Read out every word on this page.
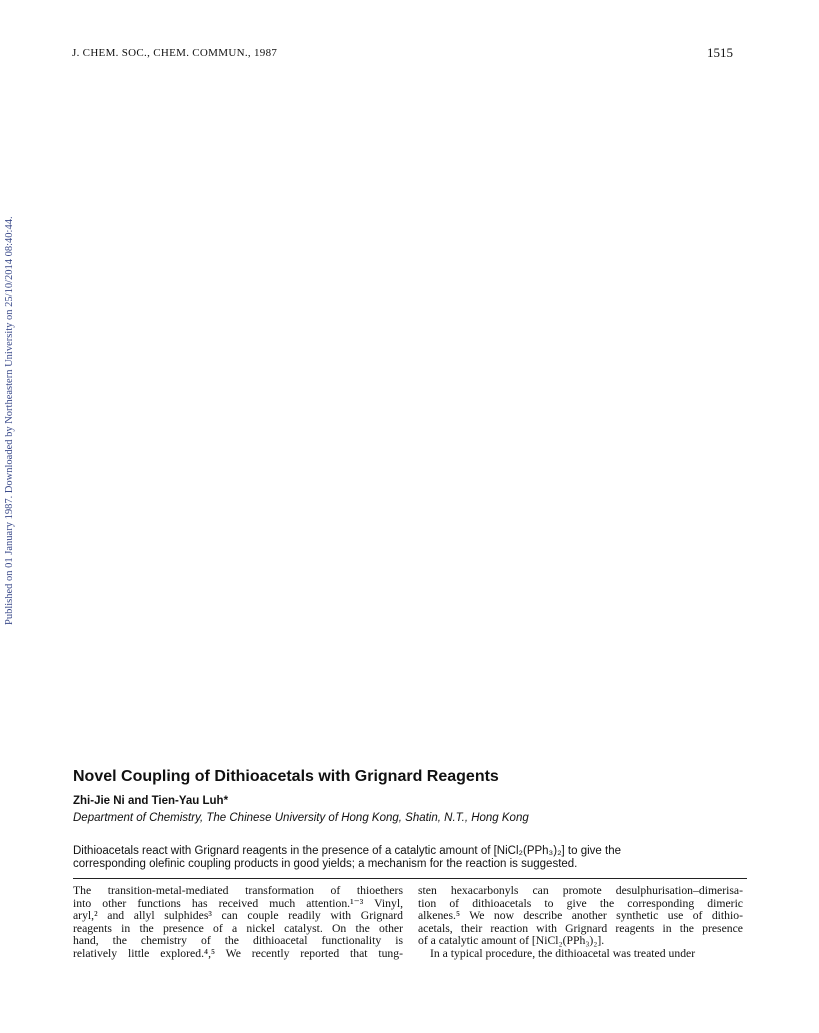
J. CHEM. SOC., CHEM. COMMUN., 1987	1515
Published on 01 January 1987. Downloaded by Northeastern University on 25/10/2014 08:40:44.
Novel Coupling of Dithioacetals with Grignard Reagents
Zhi-Jie Ni and Tien-Yau Luh*
Department of Chemistry, The Chinese University of Hong Kong, Shatin, N.T., Hong Kong

Dithioacetals react with Grignard reagents in the presence of a catalytic amount of [NiCl₂(PPh₃)₂] to give the

corresponding olefinic coupling products in good yields; a mechanism for the reaction is suggested.

The transition-metal-mediated transformation of thioethers
into other functions has received much attention.¹⁻³ Vinyl,
aryl,² and allyl sulphides³ can couple readily with Grignard
reagents in the presence of a nickel catalyst. On the other
hand, the chemistry of the dithioacetal functionality is
relatively little explored.⁴,⁵ We recently reported that tung-
sten hexacarbonyls can promote desulphurisation–dimerisa-
tion of dithioacetals to give the corresponding dimeric
alkenes.⁵ We now describe another synthetic use of dithio-
acetals, their reaction with Grignard reagents in the presence
of a catalytic amount of [NiCl₂(PPh₃)₂].
In a typical procedure, the dithioacetal was treated under
